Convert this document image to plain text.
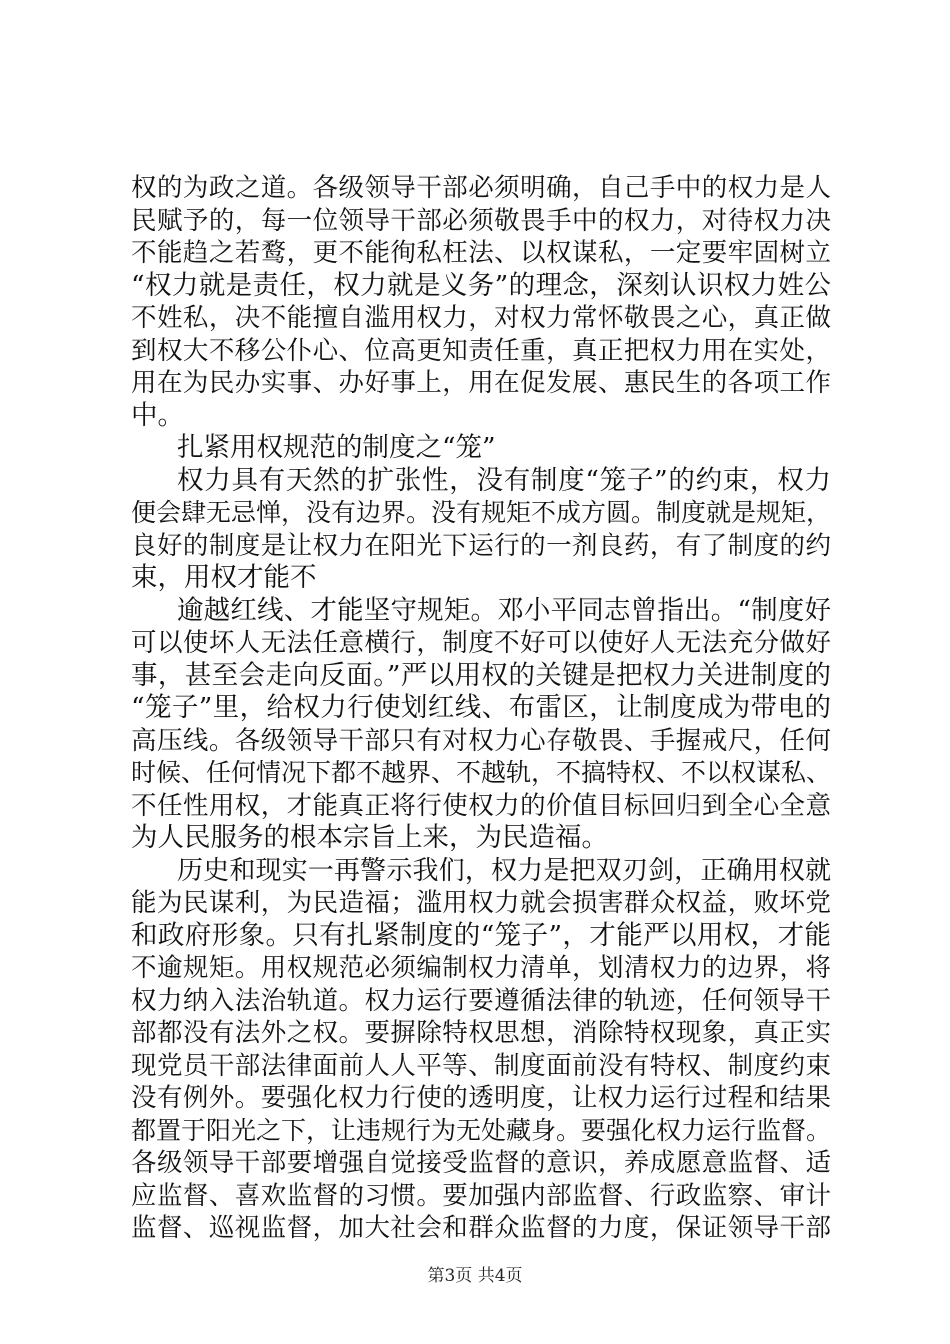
权的为政之道。各级领导干部必须明确，自己手中的权力是人
民赋予的，每一位领导干部必须敬畏手中的权力，对待权力决
不能趋之若鹜，更不能徇私枉法、以权谋私，一定要牢固树立
“权力就是责任，权力就是义务”的理念，深刻认识权力姓公
不姓私，决不能擅自滥用权力，对权力常怀敬畏之心，真正做
到权大不移公仆心、位高更知责任重，真正把权力用在实处，
用在为民办实事、办好事上，用在促发展、惠民生的各项工作
中。
扎紧用权规范的制度之“笼”
权力具有天然的扩张性，没有制度“笼子”的约束，权力
便会肆无忌惮，没有边界。没有规矩不成方圆。制度就是规矩，
良好的制度是让权力在阳光下运行的一剂良药，有了制度的约
束，用权才能不
逾越红线、才能坚守规矩。邓小平同志曾指出。“制度好
可以使坏人无法任意横行，制度不好可以使好人无法充分做好
事，甚至会走向反面。”严以用权的关键是把权力关进制度的
“笼子”里，给权力行使划红线、布雷区，让制度成为带电的
高压线。各级领导干部只有对权力心存敬畏、手握戒尺，任何
时候、任何情况下都不越界、不越轨，不搞特权、不以权谋私、
不任性用权，才能真正将行使权力的价值目标回归到全心全意
为人民服务的根本宗旨上来，为民造福。
历史和现实一再警示我们，权力是把双刃剑，正确用权就
能为民谋利，为民造福；滥用权力就会损害群众权益，败坏党
和政府形象。只有扎紧制度的“笼子”，才能严以用权，才能
不逾规矩。用权规范必须编制权力清单，划清权力的边界，将
权力纳入法治轨道。权力运行要遵循法律的轨迹，任何领导干
部都没有法外之权。要摒除特权思想，消除特权现象，真正实
现党员干部法律面前人人平等、制度面前没有特权、制度约束
没有例外。要强化权力行使的透明度，让权力运行过程和结果
都置于阳光之下，让违规行为无处藏身。要强化权力运行监督。
各级领导干部要增强自觉接受监督的意识，养成愿意监督、适
应监督、喜欢监督的习惯。要加强内部监督、行政监察、审计
监督、巡视监督，加大社会和群众监督的力度，保证领导干部
第3页 共4页
